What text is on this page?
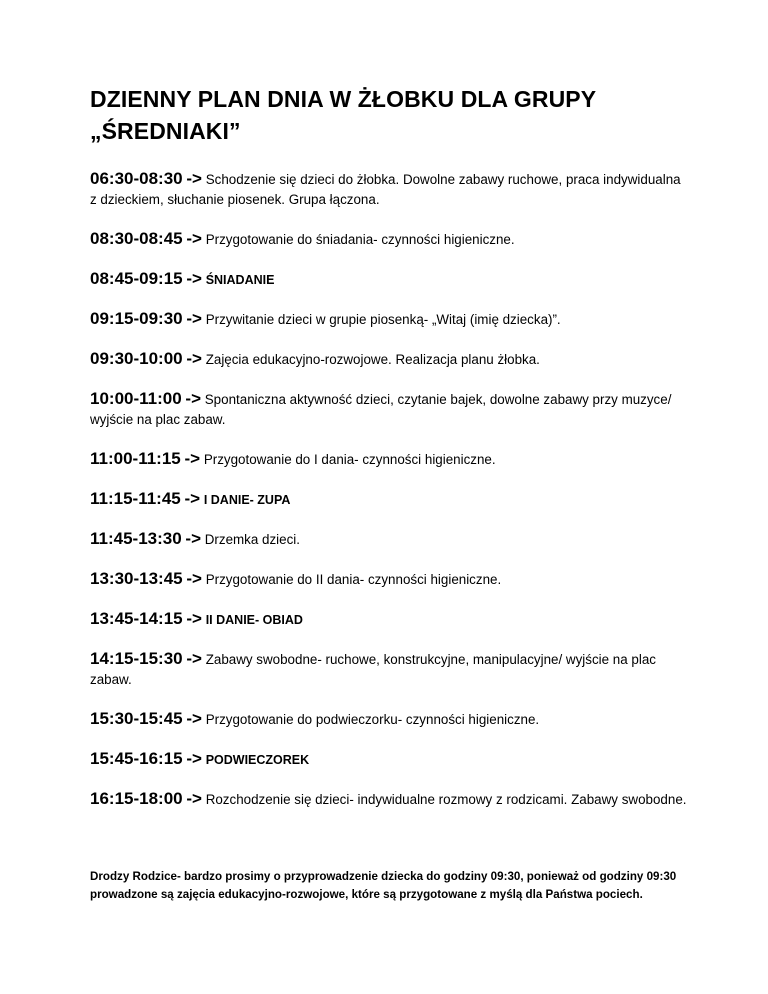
DZIENNY PLAN DNIA W ŻŁOBKU DLA GRUPY
„ŚREDNIAKI”
06:30-08:30 -> Schodzenie się dzieci do żłobka. Dowolne zabawy ruchowe, praca indywidualna z dzieckiem, słuchanie piosenek. Grupa łączona.
08:30-08:45 -> Przygotowanie do śniadania- czynności higieniczne.
08:45-09:15 -> ŚNIADANIE
09:15-09:30 -> Przywitanie dzieci w grupie piosenką- „Witaj (imię dziecka)”.
09:30-10:00 -> Zajęcia edukacyjno-rozwojowe. Realizacja planu żłobka.
10:00-11:00 -> Spontaniczna aktywność dzieci, czytanie bajek, dowolne zabawy przy muzyce/ wyjście na plac zabaw.
11:00-11:15 -> Przygotowanie do I dania- czynności higieniczne.
11:15-11:45 -> I DANIE- ZUPA
11:45-13:30 -> Drzemka dzieci.
13:30-13:45 -> Przygotowanie do II dania- czynności higieniczne.
13:45-14:15 -> II DANIE- OBIAD
14:15-15:30 -> Zabawy swobodne- ruchowe, konstrukcyjne, manipulacyjne/ wyjście na plac zabaw.
15:30-15:45 -> Przygotowanie do podwieczorku- czynności higieniczne.
15:45-16:15 -> PODWIECZOREK
16:15-18:00 -> Rozchodzenie się dzieci- indywidualne rozmowy z rodzicami. Zabawy swobodne.

Drodzy Rodzice- bardzo prosimy o przyprowadzenie dziecka do godziny 09:30, ponieważ od godziny 09:30 prowadzone są zajęcia edukacyjno-rozwojowe, które są przygotowane z myślą dla Państwa pociech.
